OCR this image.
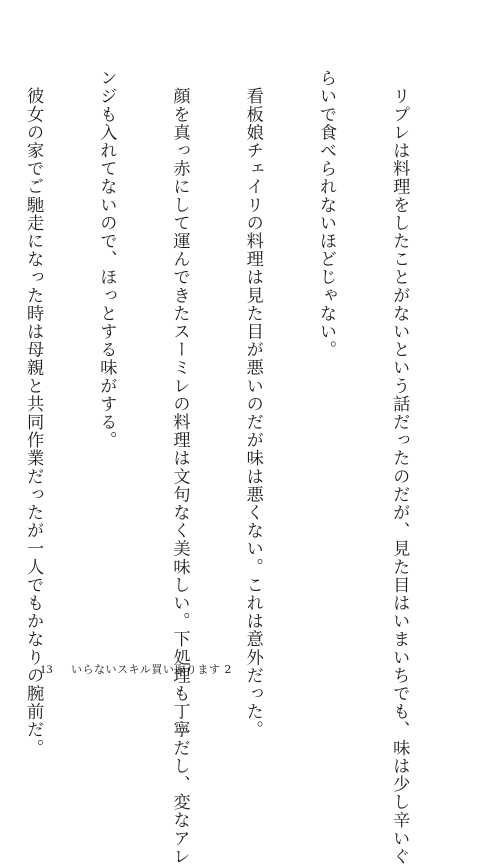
　リプレは料理をしたことがないという話だったのだが、見た目はいまいちでも、味は少し辛いぐ

らいで食べられないほどじゃない。

　看板娘チェイリの料理は見た目が悪いのだが味は悪くない。これは意外だった。

　顔を真っ赤にして運んできたスーミレの料理は文句なく美味しい。下処理も丁寧だし、変なアレ

ンジも入れてないので、ほっとする味がする。

　彼女の家でご馳走になった時は母親と共同作業だったが一人でもかなりの腕前だ。

13 いらないスキル買い取ります 2
